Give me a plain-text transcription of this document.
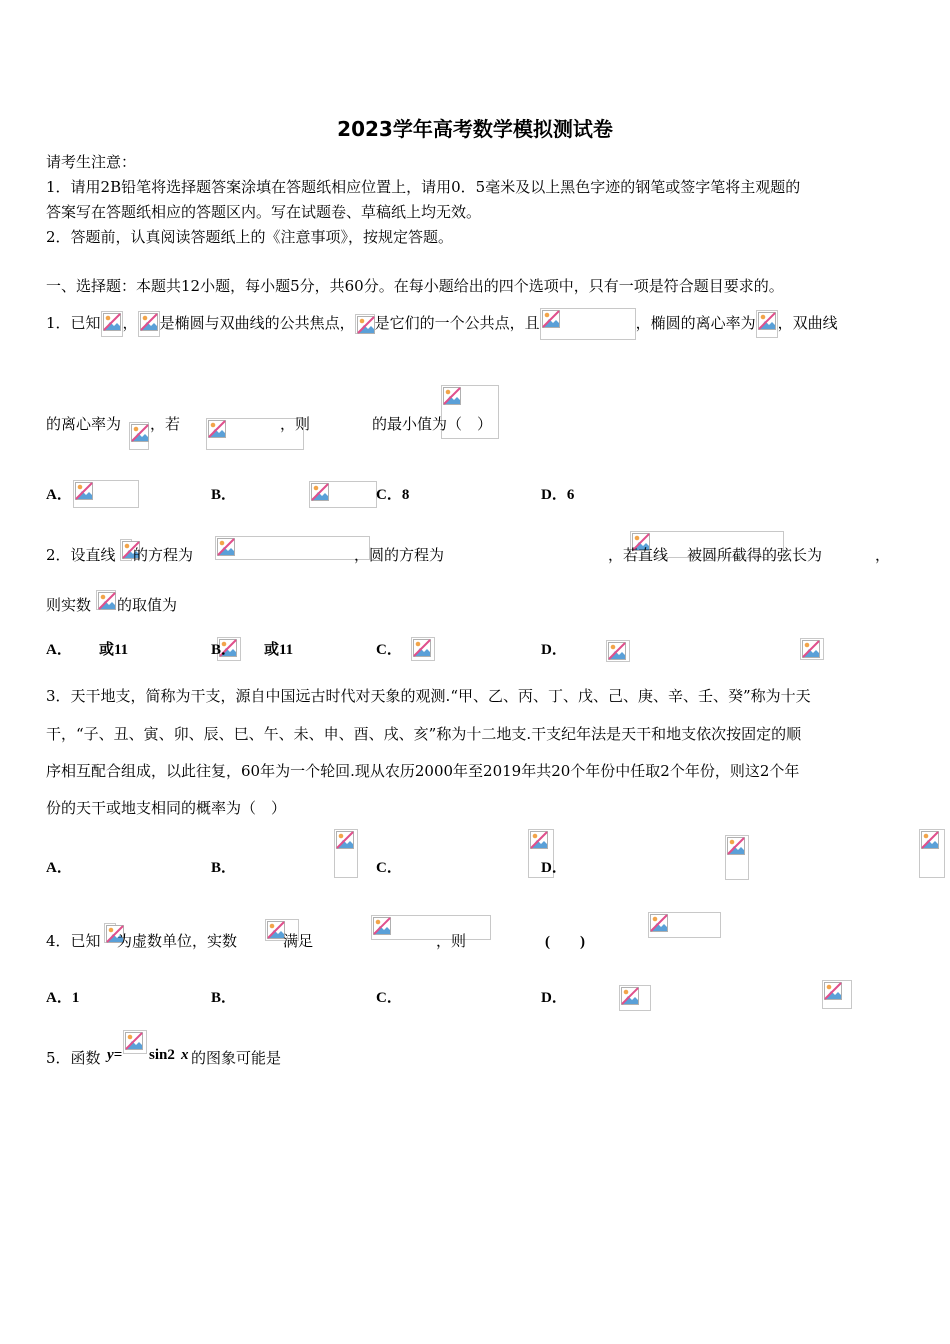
2023学年高考数学模拟测试卷
请考生注意：
1．请用2B铅笔将选择题答案涂填在答题纸相应位置上，请用0．5毫米及以上黑色字迹的钢笔或签字笔将主观题的
答案写在答题纸相应的答题区内。写在试题卷、草稿纸上均无效。
2．答题前，认真阅读答题纸上的《注意事项》，按规定答题。
一、选择题：本题共12小题，每小题5分，共60分。在每小题给出的四个选项中，只有一项是符合题目要求的。
1．已知 ， 是椭圆与双曲线的公共焦点， 是它们的一个公共点，且	，椭圆的离心率为 ，双曲线
的离心率为
，若
	，则	的最小值为（　）
A．
	B．
	C．8	D．6
2．设直线
的方程为
	，圆的方程为
	，若直线
被圆所截得的弦长为	，
则实数 的取值为
A．
或11	B．
或11	C．
	D．

3．天干地支，简称为干支，源自中国远古时代对天象的观测.“甲、乙、丙、丁、戊、己、庚、辛、壬、癸”称为十天
干，“子、丑、寅、卯、辰、巳、午、未、申、酉、戌、亥”称为十二地支.干支纪年法是天干和地支依次按固定的顺
序相互配合组成，以此往复，60年为一个轮回.现从农历2000年至2019年共20个年份中任取2个年份，则这2个年
份的天干或地支相同的概率为（　）
A．
	B．
	C．
	D．

4．已知
为虚数单位，实数
	满足
	，则	(　　)
A．1	B．
	C．
	D．
5．函数 y= sin2 x 的图象可能是
